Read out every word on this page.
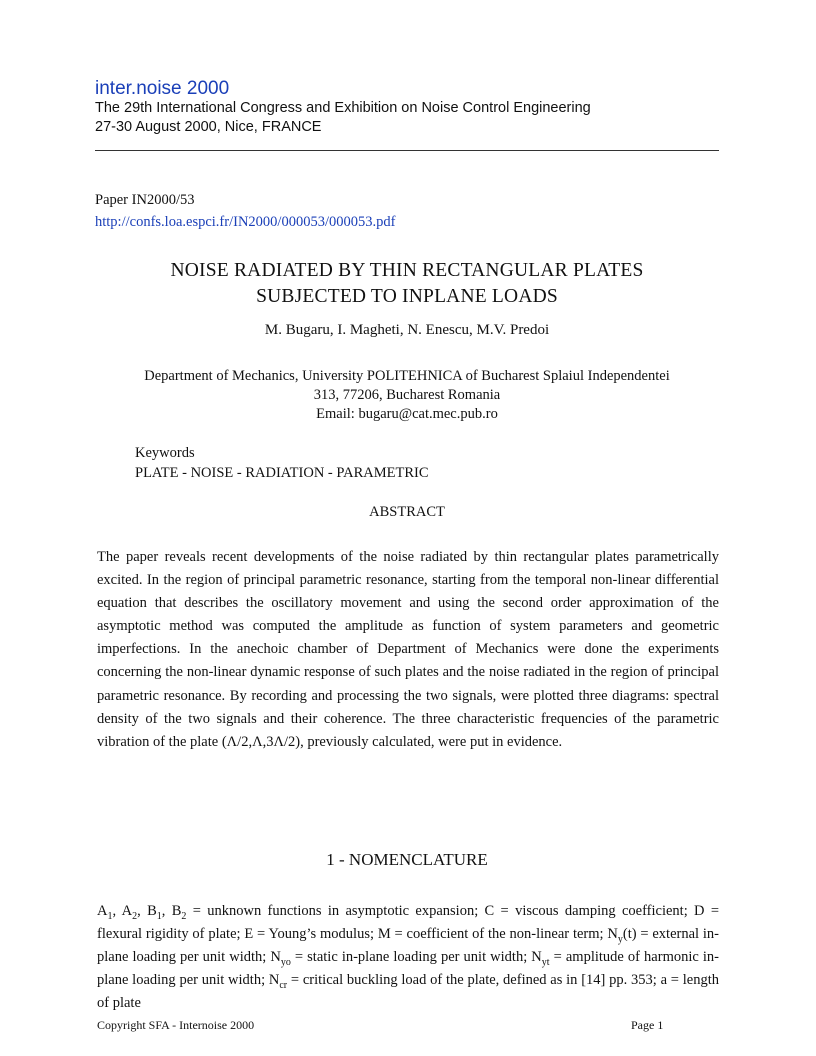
inter.noise 2000
The 29th International Congress and Exhibition on Noise Control Engineering
27-30 August 2000, Nice, FRANCE
Paper IN2000/53
http://confs.loa.espci.fr/IN2000/000053/000053.pdf
NOISE RADIATED BY THIN RECTANGULAR PLATES
SUBJECTED TO INPLANE LOADS
M. Bugaru, I. Magheti, N. Enescu, M.V. Predoi
Department of Mechanics, University POLITEHNICA of Bucharest Splaiul Independentei
313, 77206, Bucharest Romania
Email: bugaru@cat.mec.pub.ro
Keywords
PLATE - NOISE - RADIATION - PARAMETRIC
ABSTRACT

The paper reveals recent developments of the noise radiated by thin rectangular plates parametrically excited. In the region of principal parametric resonance, starting from the temporal non-linear differential equation that describes the oscillatory movement and using the second order approximation of the asymptotic method was computed the amplitude as function of system parameters and geometric imperfections. In the anechoic chamber of Department of Mechanics were done the experiments concerning the non-linear dynamic response of such plates and the noise radiated in the region of principal parametric resonance. By recording and processing the two signals, were plotted three diagrams: spectral density of the two signals and their coherence. The three characteristic frequencies of the parametric vibration of the plate (Λ/2,Λ,3Λ/2), previously calculated, were put in evidence.

1 - NOMENCLATURE

$A_1$, $A_2$, $B_1$, $B_2$ = unknown functions in asymptotic expansion; C = viscous damping coefficient; D = flexural rigidity of plate; E = Young’s modulus; M = coefficient of the non-linear term; $N_y(t)$ = external in-plane loading per unit width; $N_{yo}$ = static in-plane loading per unit width; $N_{yt}$ = amplitude of harmonic in-plane loading per unit width; $N_{cr}$ = critical buckling load of the plate, defined as in [14] pp. 353; a = length of plate

Copyright SFA - Internoise 2000	Page 1
